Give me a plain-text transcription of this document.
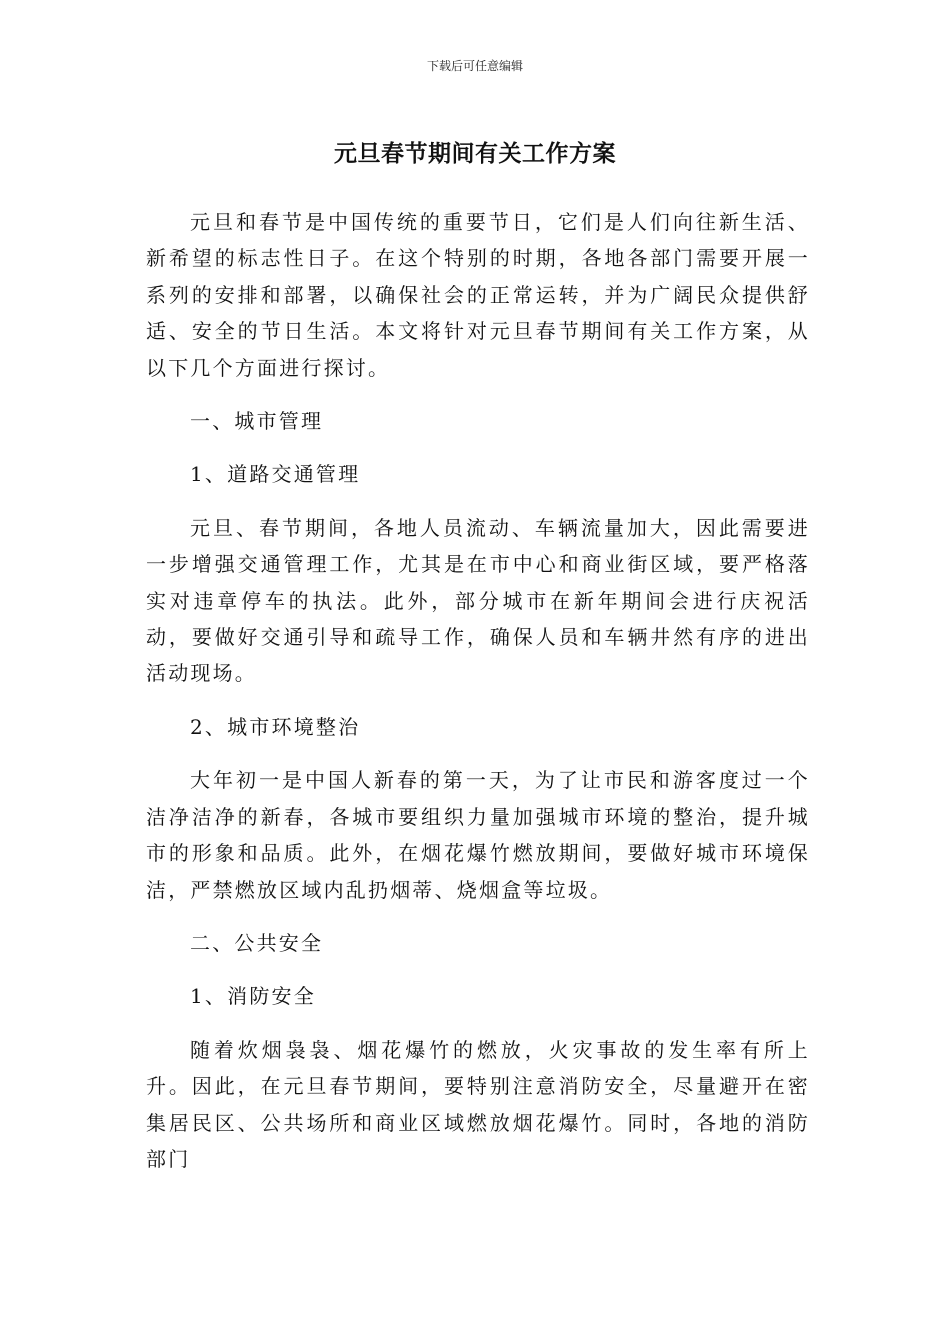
下载后可任意编辑
元旦春节期间有关工作方案

元旦和春节是中国传统的重要节日，它们是人们向往新生活、新希望的标志性日子。在这个特别的时期，各地各部门需要开展一系列的安排和部署，以确保社会的正常运转，并为广阔民众提供舒适、安全的节日生活。本文将针对元旦春节期间有关工作方案，从以下几个方面进行探讨。

一、城市管理

1、道路交通管理

元旦、春节期间，各地人员流动、车辆流量加大，因此需要进一步增强交通管理工作，尤其是在市中心和商业街区域，要严格落实对违章停车的执法。此外，部分城市在新年期间会进行庆祝活动，要做好交通引导和疏导工作，确保人员和车辆井然有序的进出活动现场。

2、城市环境整治

大年初一是中国人新春的第一天，为了让市民和游客度过一个洁净洁净的新春，各城市要组织力量加强城市环境的整治，提升城市的形象和品质。此外，在烟花爆竹燃放期间，要做好城市环境保洁，严禁燃放区域内乱扔烟蒂、烧烟盒等垃圾。

二、公共安全

1、消防安全

随着炊烟袅袅、烟花爆竹的燃放，火灾事故的发生率有所上升。因此，在元旦春节期间，要特别注意消防安全，尽量避开在密集居民区、公共场所和商业区域燃放烟花爆竹。同时，各地的消防部门
